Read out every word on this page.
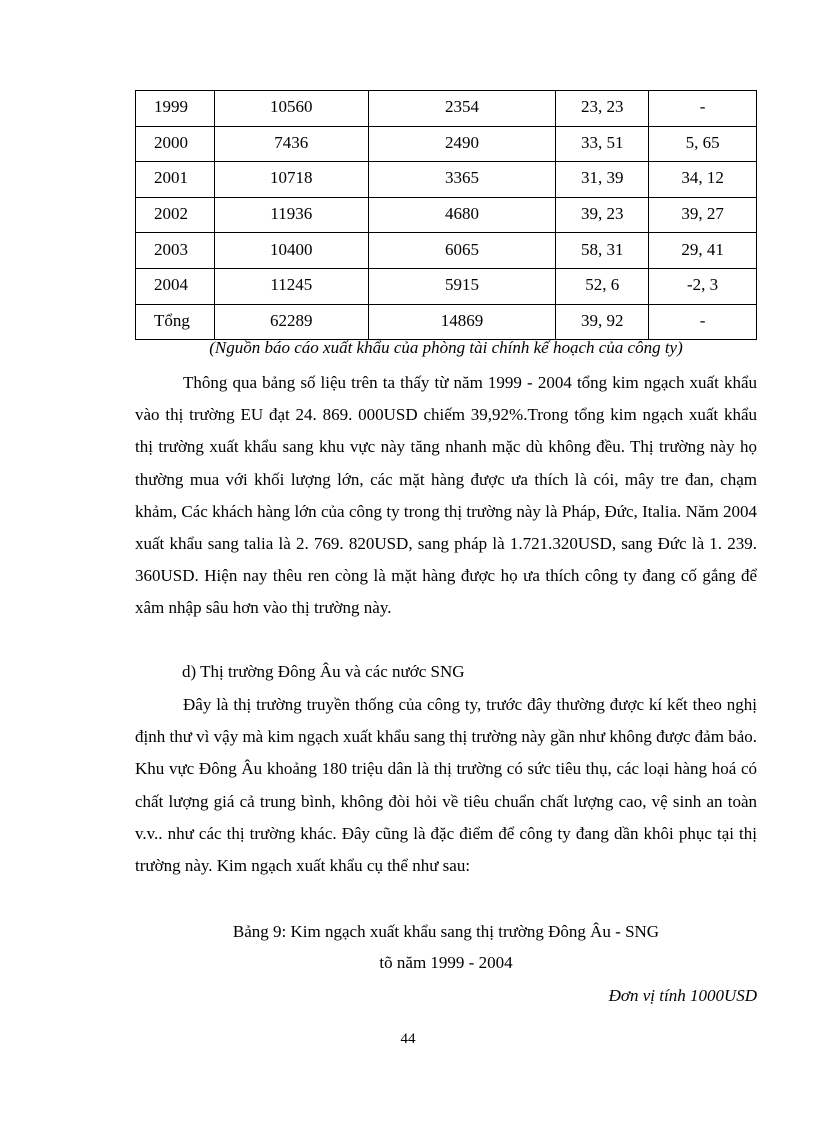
1999	10560	2354	23, 23	-
2000	7436	2490	33, 51	5, 65
2001	10718	3365	31, 39	34, 12
2002	11936	4680	39, 23	39, 27
2003	10400	6065	58, 31	29, 41
2004	11245	5915	52, 6	-2, 3
Tổng	62289	14869	39, 92	-
(Nguồn báo cáo xuất khẩu của phòng tài chính kế hoạch của công ty)
Thông qua bảng số liệu trên ta thấy từ năm 1999 - 2004 tổng kim ngạch xuất khẩu vào thị trường EU đạt 24. 869. 000USD chiếm 39,92%.Trong tổng kim ngạch xuất khẩu thị trường xuất khẩu sang khu vực này tăng nhanh mặc dù không đều. Thị trường này họ thường mua với khối lượng lớn, các mặt hàng được ưa thích là cói, mây tre đan, chạm khảm, Các khách hàng lớn của công ty trong thị trường này là Pháp, Đức, Italia. Năm 2004 xuất khẩu sang talia là 2. 769. 820USD, sang pháp là 1.721.320USD, sang Đức là 1. 239. 360USD. Hiện nay thêu ren còng là mặt hàng được họ ưa thích công ty đang cố gắng để xâm nhập sâu hơn vào thị trường này.
d) Thị trường Đông Âu và các nước SNG
Đây là thị trường truyền thống của công ty, trước đây thường được kí kết theo nghị định thư vì vậy mà kim ngạch xuất khẩu sang thị trường này gần như không được đảm bảo. Khu vực Đông Âu khoảng 180 triệu dân là thị trường có sức tiêu thụ, các loại hàng hoá có chất lượng giá cả trung bình, không đòi hỏi về tiêu chuẩn chất lượng cao, vệ sinh an toàn v.v.. như các thị trường khác. Đây cũng là đặc điểm để công ty đang dần khôi phục tại thị trường này. Kim ngạch xuất khẩu cụ thể như sau:
Bảng 9: Kim ngạch xuất khẩu sang thị trường Đông Âu - SNG
tõ năm 1999 - 2004
Đơn vị tính 1000USD
44
